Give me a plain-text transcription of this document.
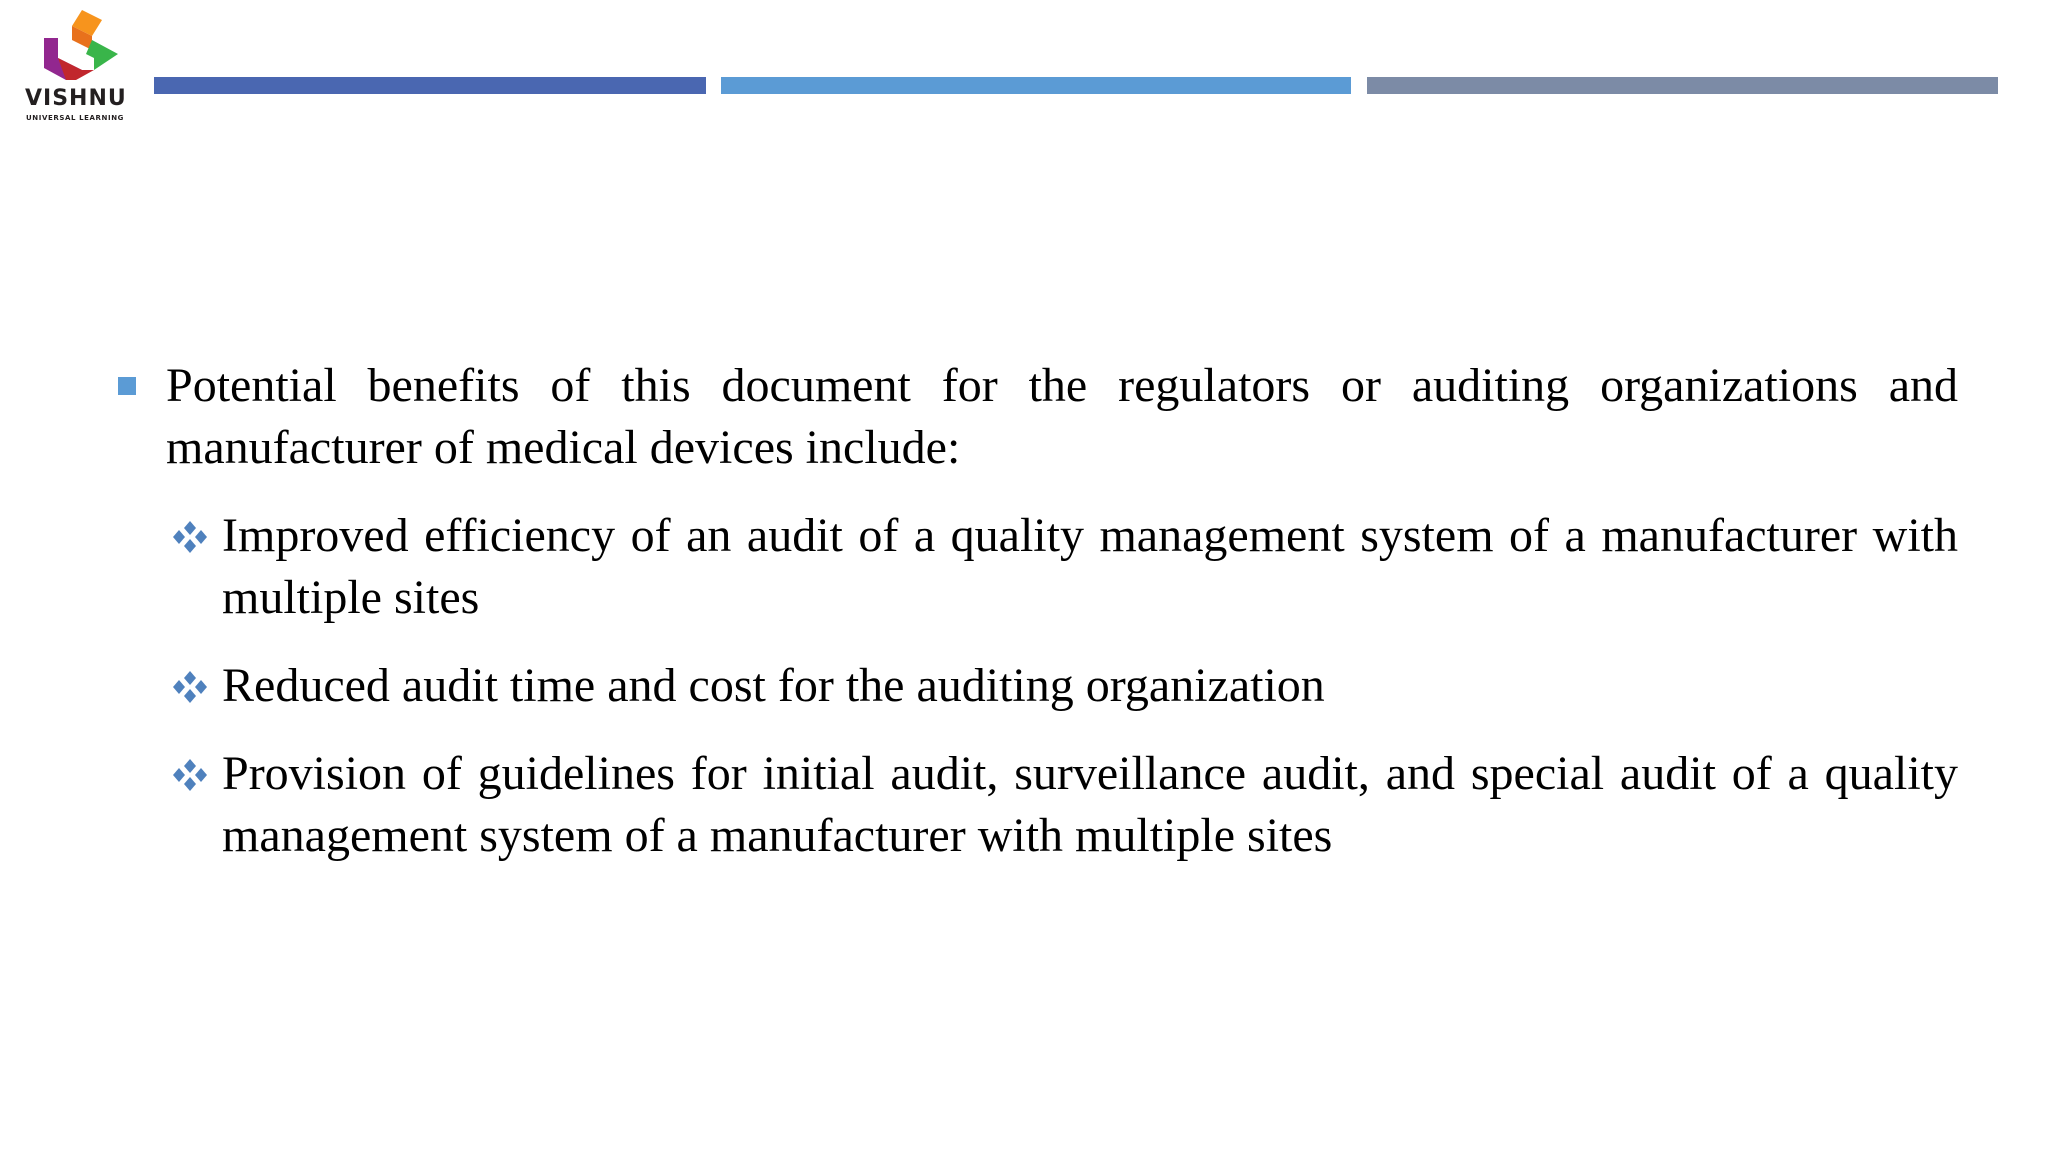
VISHNU
UNIVERSAL LEARNING
Potential benefits of this document for the regulators or auditing organizations and manufacturer of medical devices include:
Improved efficiency of an audit of a quality management system of a manufacturer with multiple sites
Reduced audit time and cost for the auditing organization
Provision of guidelines for initial audit, surveillance audit, and special audit of a quality management system of a manufacturer with multiple sites
